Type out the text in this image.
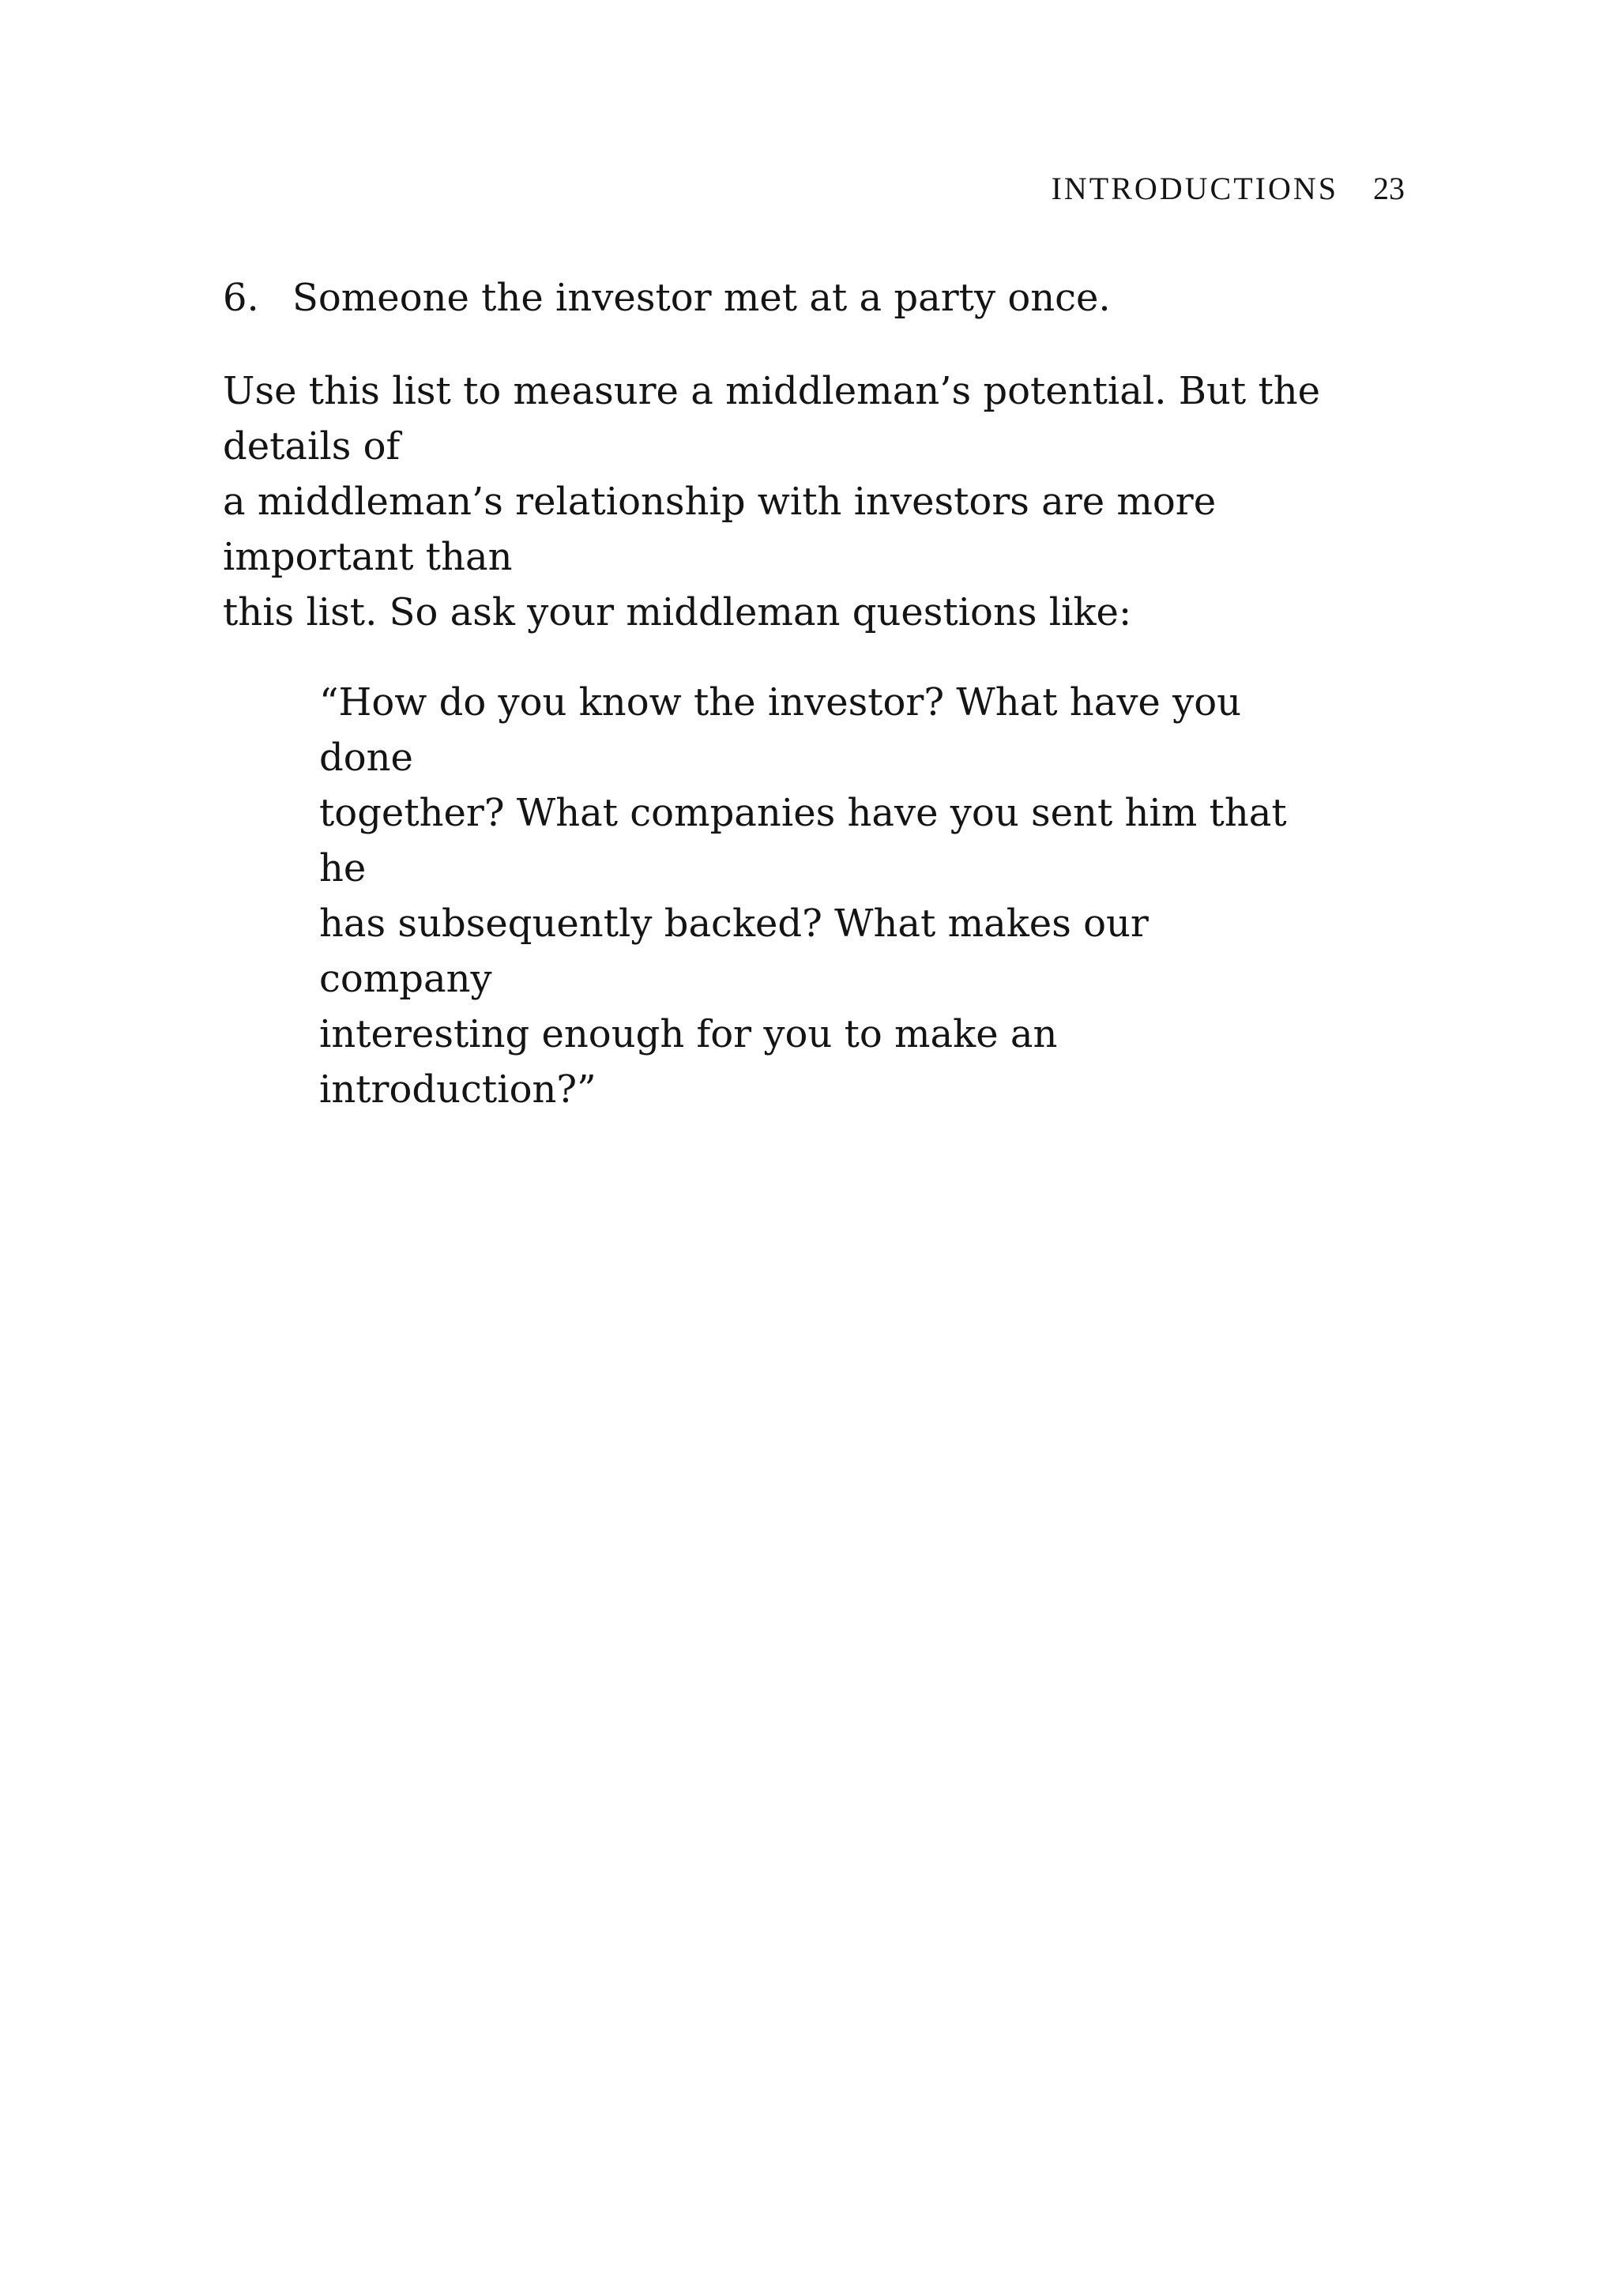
INTRODUCTIONS 23
6. Someone the investor met at a party once.

Use this list to measure a middleman’s potential. But the details of
a middleman’s relationship with investors are more important than
this list. So ask your middleman questions like:

“How do you know the investor? What have you done
together? What companies have you sent him that he
has subsequently backed? What makes our company
interesting enough for you to make an introduction?”
